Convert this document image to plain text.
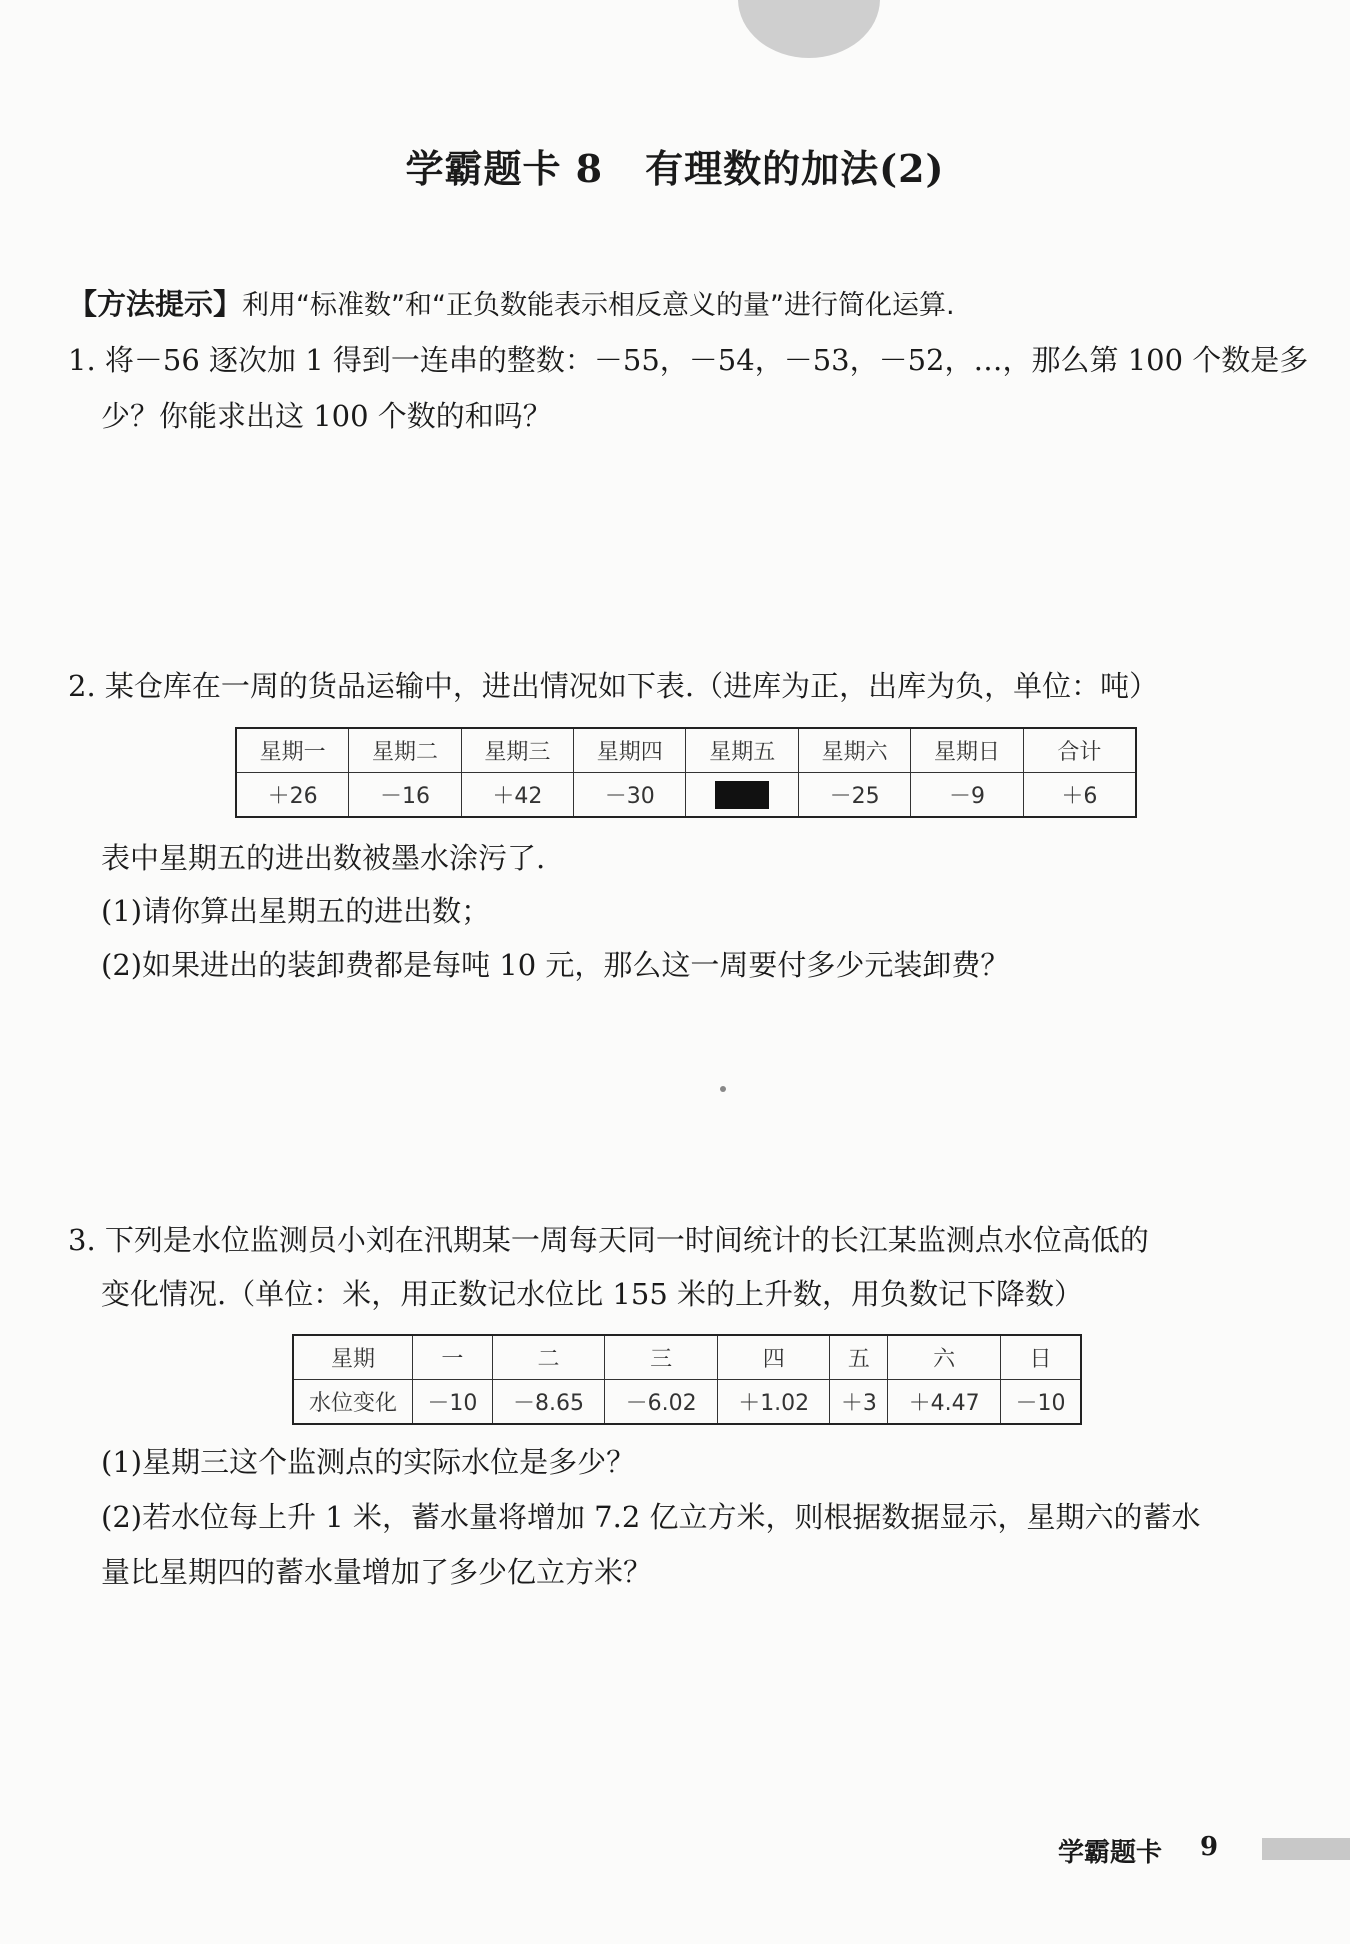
学霸题卡 8 有理数的加法(2)
【方法提示】利用“标准数”和“正负数能表示相反意义的量”进行简化运算.
1. 将－56 逐次加 1 得到一连串的整数：－55，－54，－53，－52，…，那么第 100 个数是多
少？你能求出这 100 个数的和吗？
2. 某仓库在一周的货品运输中，进出情况如下表.（进库为正，出库为负，单位：吨）
星期一	星期二	星期三	星期四	星期五	星期六	星期日	合计
＋26	－16	＋42	－30		－25	－9	＋6
表中星期五的进出数被墨水涂污了.
(1)请你算出星期五的进出数；
(2)如果进出的装卸费都是每吨 10 元，那么这一周要付多少元装卸费？
3. 下列是水位监测员小刘在汛期某一周每天同一时间统计的长江某监测点水位高低的
变化情况.（单位：米，用正数记水位比 155 米的上升数，用负数记下降数）
星期	一	二	三	四	五	六	日
水位变化	－10	－8.65	－6.02	＋1.02	＋3	＋4.47	－10
(1)星期三这个监测点的实际水位是多少？
(2)若水位每上升 1 米，蓄水量将增加 7.2 亿立方米，则根据数据显示，星期六的蓄水
量比星期四的蓄水量增加了多少亿立方米？
学霸题卡 9
